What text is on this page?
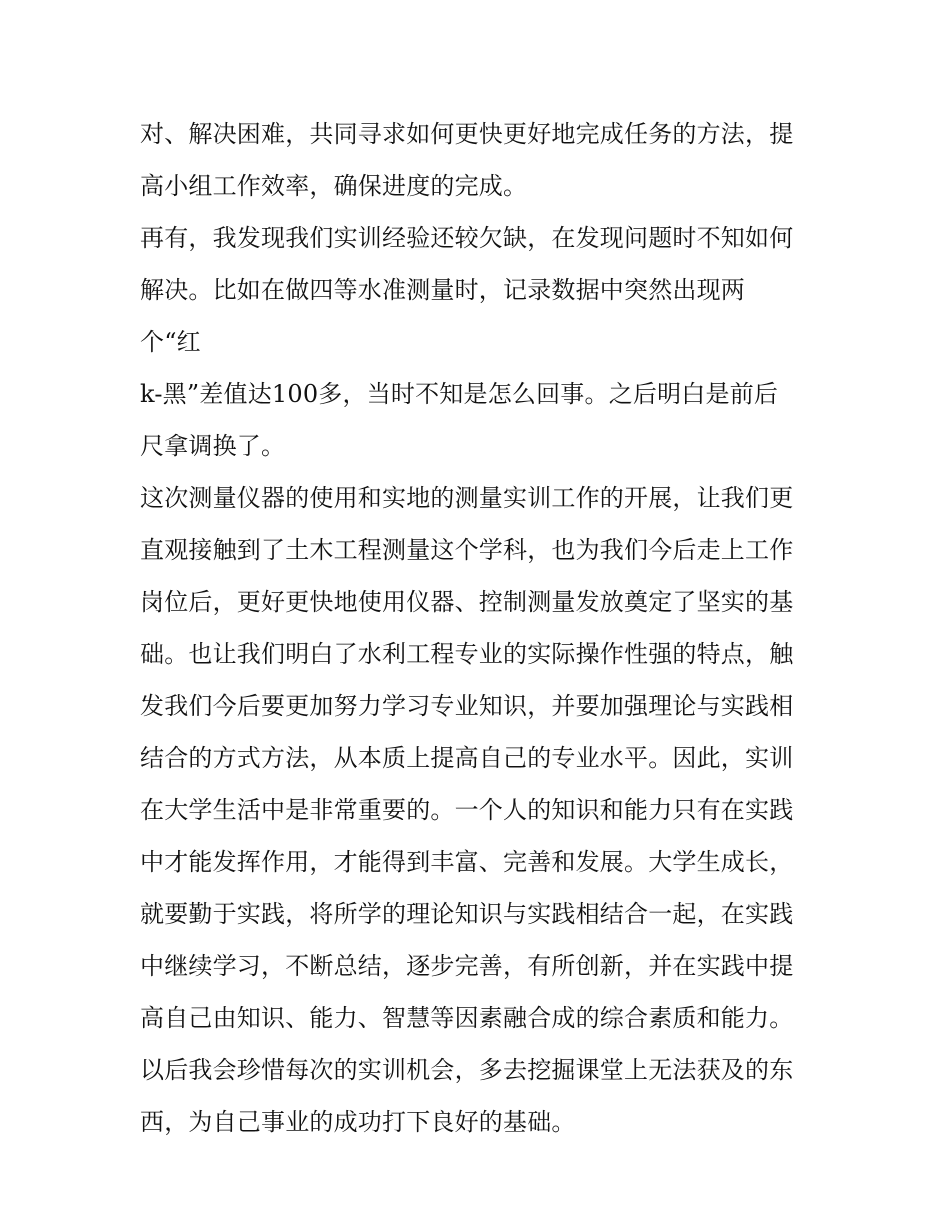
对、解决困难，共同寻求如何更快更好地完成任务的方法，提
高小组工作效率，确保进度的完成。
再有，我发现我们实训经验还较欠缺，在发现问题时不知如何
解决。比如在做四等水准测量时，记录数据中突然出现两
个“红
k-黑”差值达100多，当时不知是怎么回事。之后明白是前后
尺拿调换了。
这次测量仪器的使用和实地的测量实训工作的开展，让我们更
直观接触到了土木工程测量这个学科，也为我们今后走上工作
岗位后，更好更快地使用仪器、控制测量发放奠定了坚实的基
础。也让我们明白了水利工程专业的实际操作性强的特点，触
发我们今后要更加努力学习专业知识，并要加强理论与实践相
结合的方式方法，从本质上提高自己的专业水平。因此，实训
在大学生活中是非常重要的。一个人的知识和能力只有在实践
中才能发挥作用，才能得到丰富、完善和发展。大学生成长，
就要勤于实践，将所学的理论知识与实践相结合一起，在实践
中继续学习，不断总结，逐步完善，有所创新，并在实践中提
高自己由知识、能力、智慧等因素融合成的综合素质和能力。
以后我会珍惜每次的实训机会，多去挖掘课堂上无法获及的东
西，为自己事业的成功打下良好的基础。
